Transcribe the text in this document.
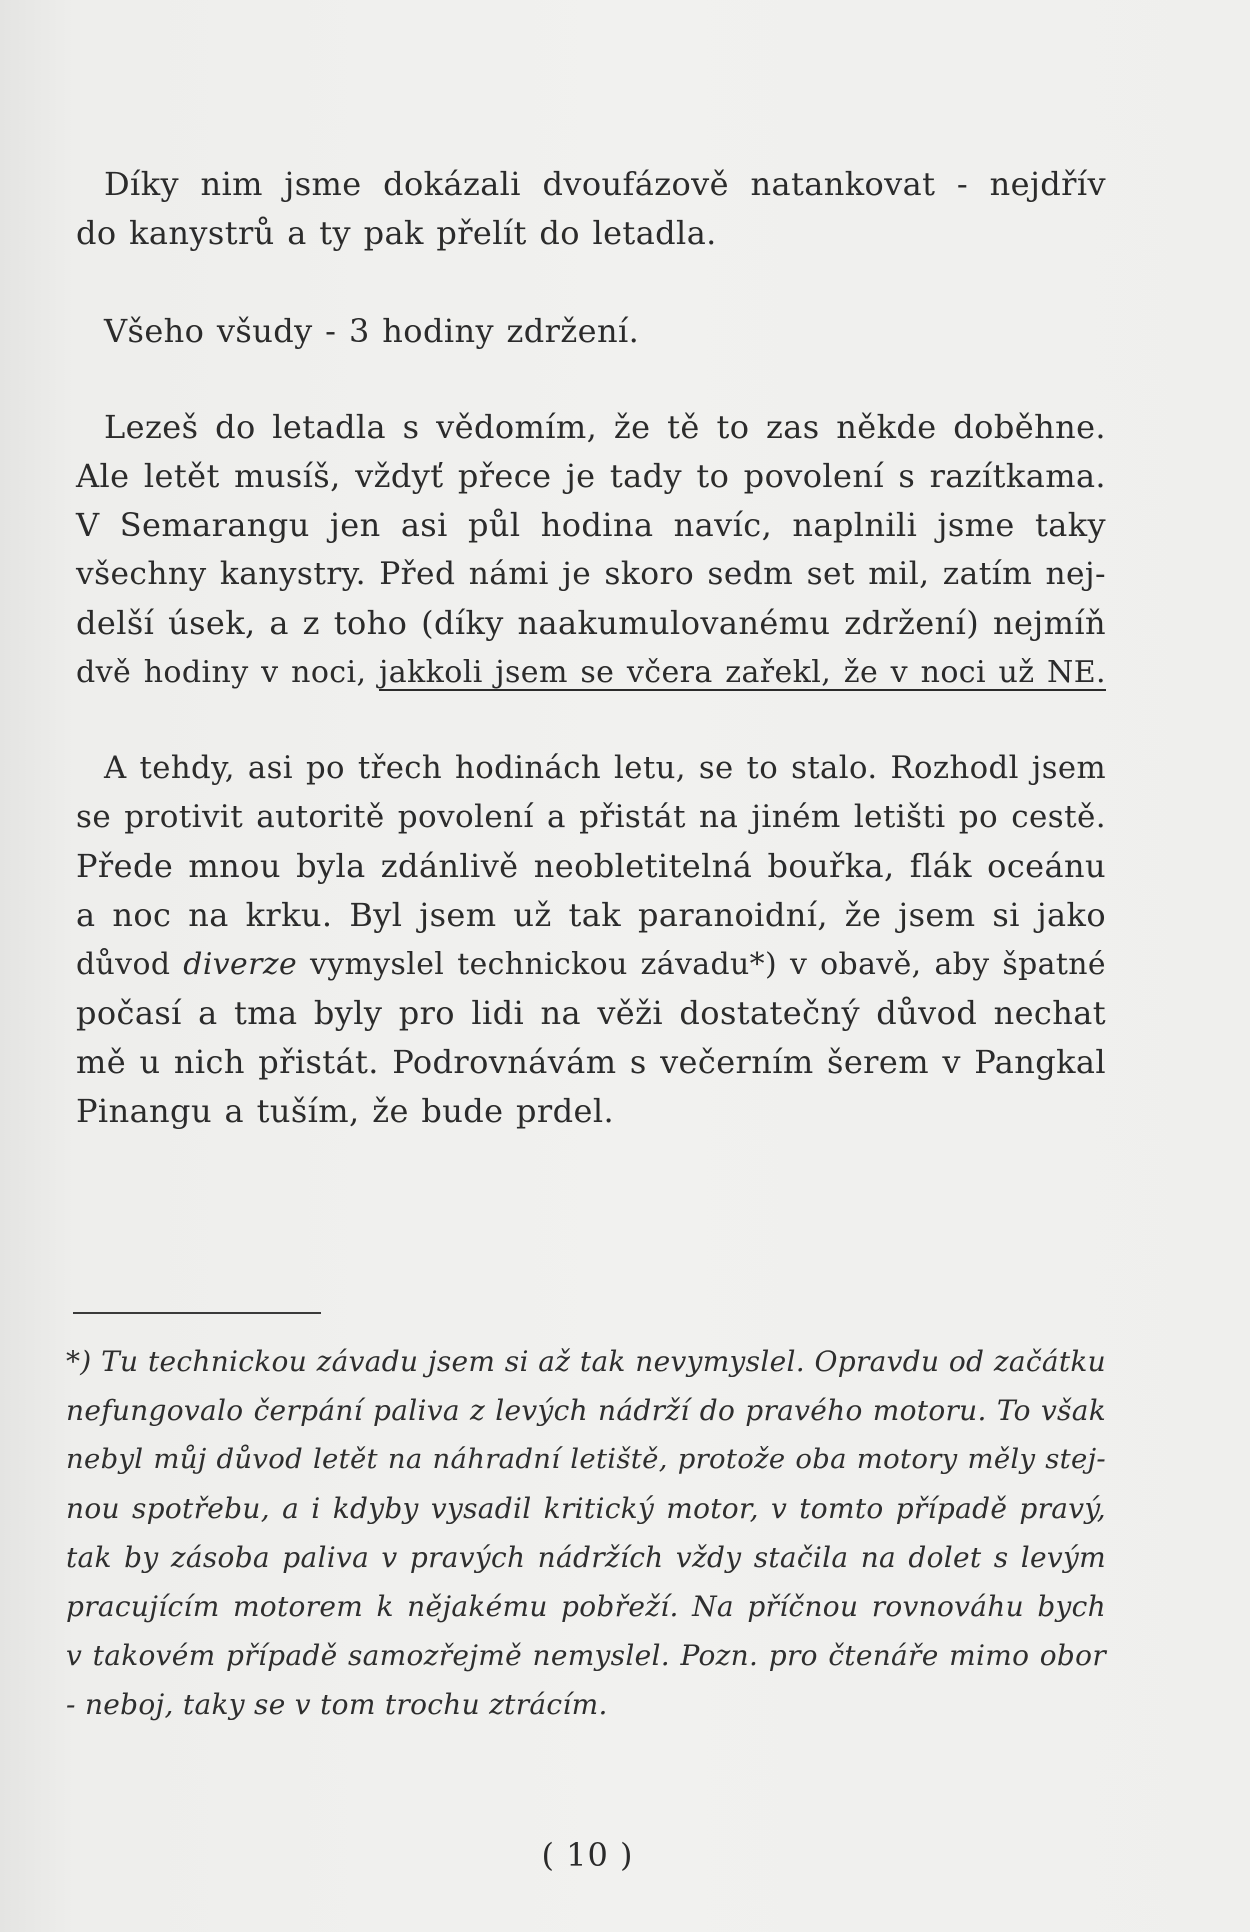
Díky nim jsme dokázali dvoufázově natankovat - nejdřív
do kanystrů a ty pak přelít do letadla.
Všeho všudy - 3 hodiny zdržení.
Lezeš do letadla s vědomím, že tě to zas někde doběhne.
Ale letět musíš, vždyť přece je tady to povolení s razítkama.
V Semarangu jen asi půl hodina navíc, naplnili jsme taky
všechny kanystry. Před námi je skoro sedm set mil, zatím nej-
delší úsek, a z toho (díky naakumulovanému zdržení) nejmíň
dvě hodiny v noci, jakkoli jsem se včera zařekl, že v noci už NE.
A tehdy, asi po třech hodinách letu, se to stalo. Rozhodl jsem
se protivit autoritě povolení a přistát na jiném letišti po cestě.
Přede mnou byla zdánlivě neobletitelná bouřka, flák oceánu
a noc na krku. Byl jsem už tak paranoidní, že jsem si jako
důvod diverze vymyslel technickou závadu*) v obavě, aby špatné
počasí a tma byly pro lidi na věži dostatečný důvod nechat
mě u nich přistát. Podrovnávám s večerním šerem v Pangkal
Pinangu a tuším, že bude prdel.
*) Tu technickou závadu jsem si až tak nevymyslel. Opravdu od začátku
nefungovalo čerpání paliva z levých nádrží do pravého motoru. To však
nebyl můj důvod letět na náhradní letiště, protože oba motory měly stej-
nou spotřebu, a i kdyby vysadil kritický motor, v tomto případě pravý,
tak by zásoba paliva v pravých nádržích vždy stačila na dolet s levým
pracujícím motorem k nějakému pobřeží. Na příčnou rovnováhu bych
v takovém případě samozřejmě nemyslel. Pozn. pro čtenáře mimo obor
- neboj, taky se v tom trochu ztrácím.
( 10 )
